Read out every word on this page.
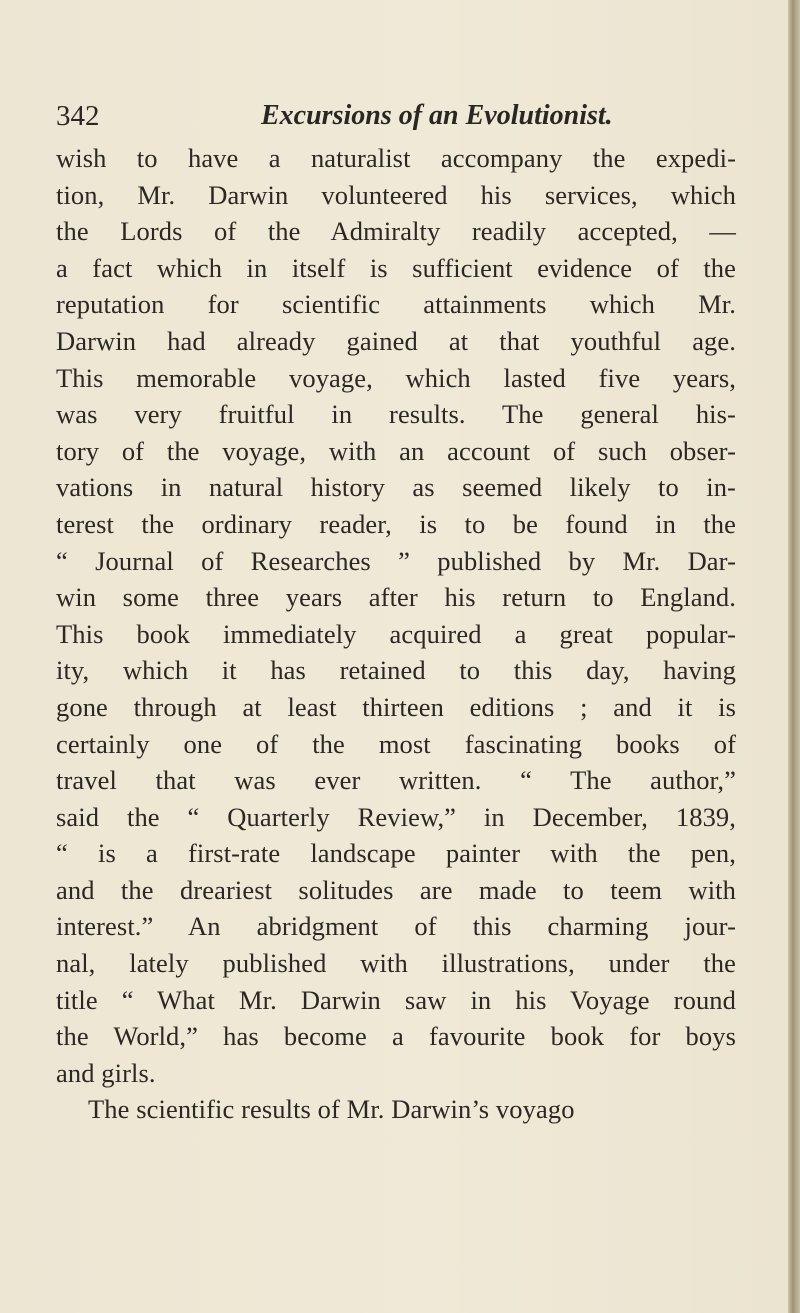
342	Excursions of an Evolutionist.
wish to have a naturalist accompany the expedi-
tion, Mr. Darwin volunteered his services, which
the Lords of the Admiralty readily accepted, —
a fact which in itself is sufficient evidence of the
reputation for scientific attainments which Mr.
Darwin had already gained at that youthful age.
This memorable voyage, which lasted five years,
was very fruitful in results. The general his-
tory of the voyage, with an account of such obser-
vations in natural history as seemed likely to in-
terest the ordinary reader, is to be found in the
“ Journal of Researches ” published by Mr. Dar-
win some three years after his return to England.
This book immediately acquired a great popular-
ity, which it has retained to this day, having
gone through at least thirteen editions ; and it is
certainly one of the most fascinating books of
travel that was ever written. “ The author,”
said the “ Quarterly Review,” in December, 1839,
“ is a first-rate landscape painter with the pen,
and the dreariest solitudes are made to teem with
interest.” An abridgment of this charming jour-
nal, lately published with illustrations, under the
title “ What Mr. Darwin saw in his Voyage round
the World,” has become a favourite book for boys
and girls.
The scientific results of Mr. Darwin’s voyago
